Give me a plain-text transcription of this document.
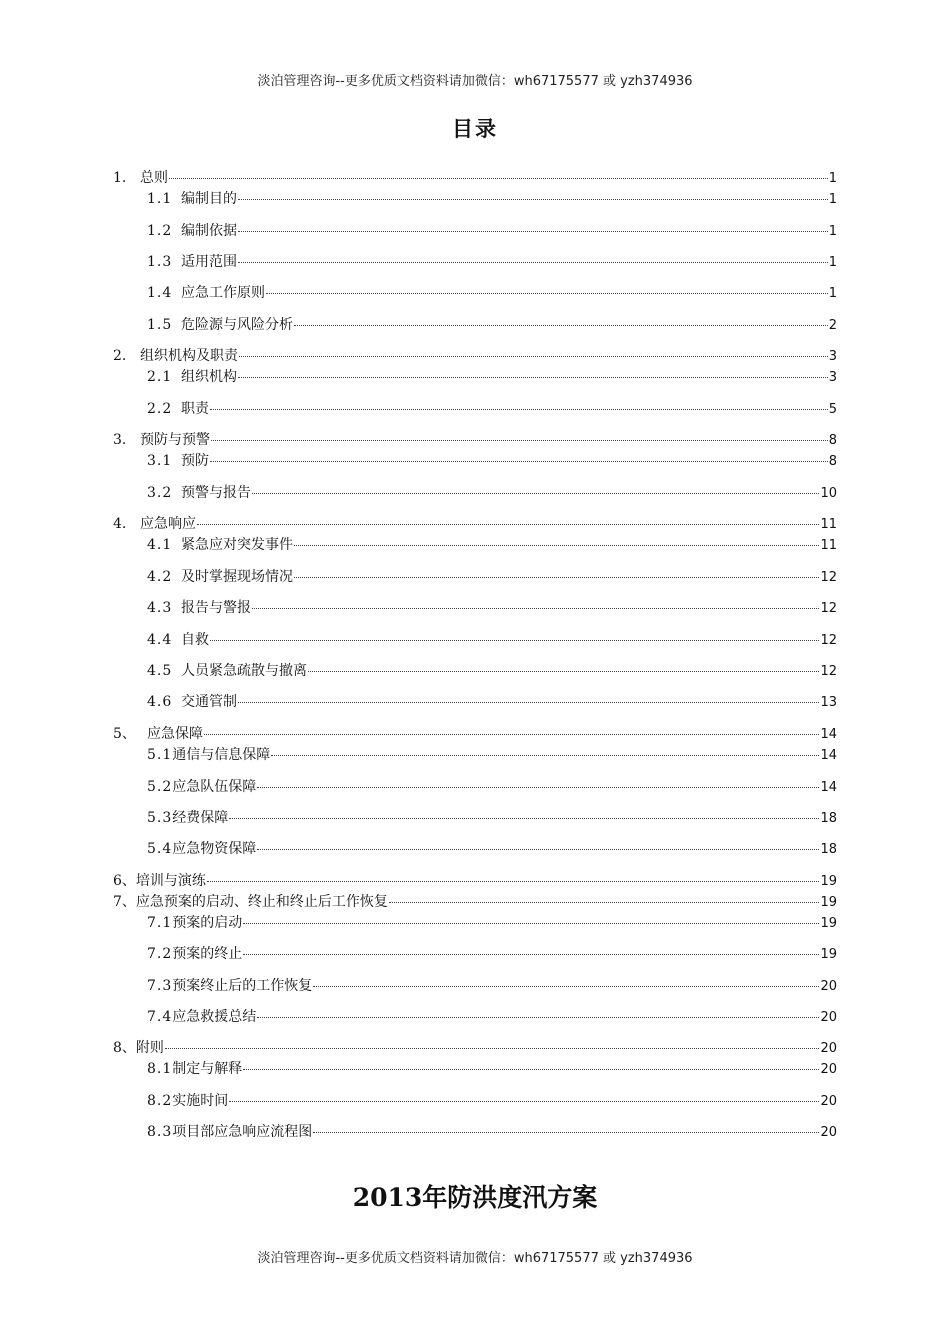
淡泊管理咨询--更多优质文档资料请加微信：wh67175577 或 yzh374936
目录
1. 总则	1
1.1 编制目的	1
1.2 编制依据	1
1.3 适用范围	1
1.4 应急工作原则	1
1.5 危险源与风险分析	2
2. 组织机构及职责	3
2.1 组织机构	3
2.2 职责	5
3. 预防与预警	8
3.1 预防	8
3.2 预警与报告	10
4. 应急响应	11
4.1 紧急应对突发事件	11
4.2 及时掌握现场情况	12
4.3 报告与警报	12
4.4 自救	12
4.5 人员紧急疏散与撤离	12
4.6 交通管制	13
5、 应急保障	14
5.1 通信与信息保障	14
5.2 应急队伍保障	14
5.3 经费保障	18
5.4 应急物资保障	18
6、 培训与演练	19
7、 应急预案的启动、终止和终止后工作恢复	19
7.1 预案的启动	19
7.2 预案的终止	19
7.3 预案终止后的工作恢复	20
7.4 应急救援总结	20
8、 附则	20
8.1 制定与解释	20
8.2 实施时间	20
8.3 项目部应急响应流程图	20
2013年防洪度汛方案
淡泊管理咨询--更多优质文档资料请加微信：wh67175577 或 yzh374936
